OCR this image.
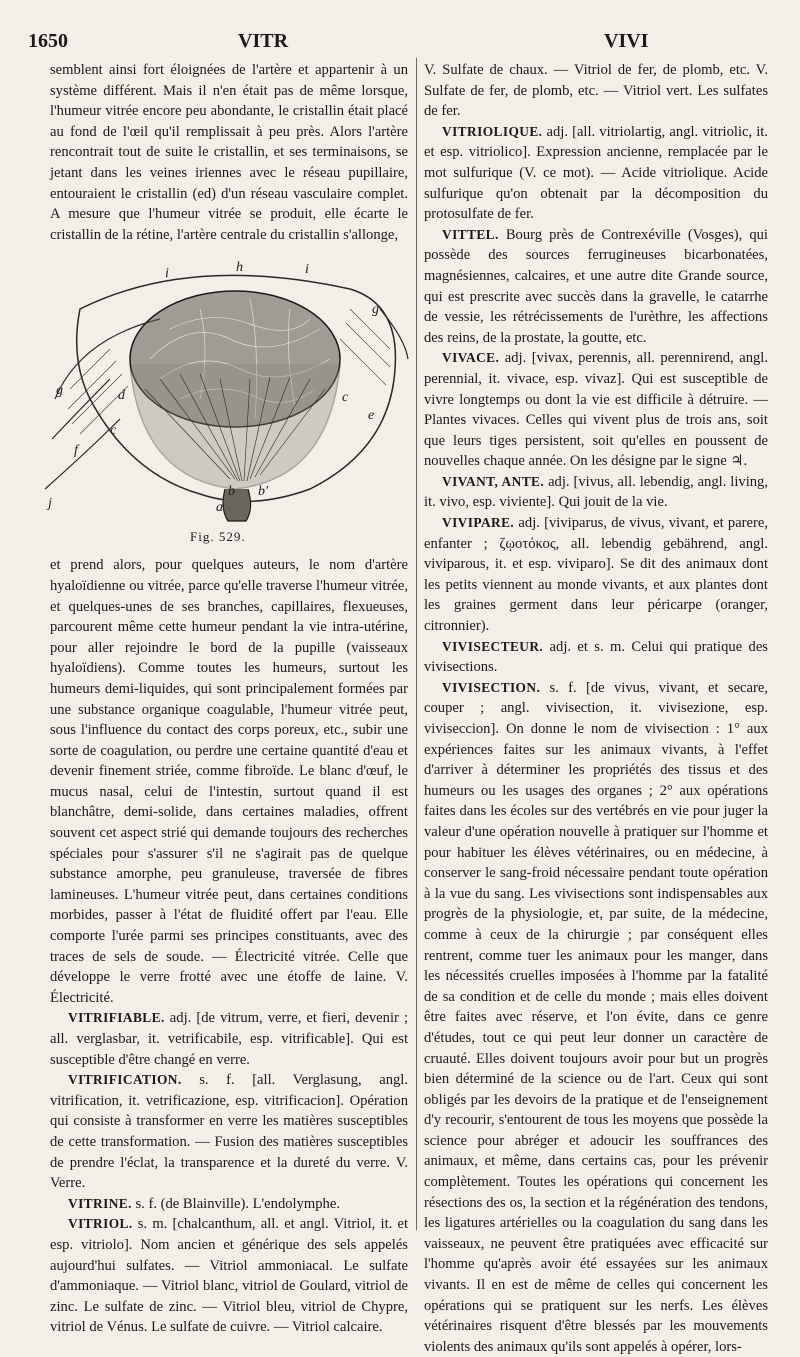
1650	VITR	VIVI

semblent ainsi fort éloignées de l'artère et appartenir à un système différent. Mais il n'en était pas de même lorsque, l'humeur vitrée encore peu abondante, le cristallin était placé au fond de l'œil qu'il remplissait à peu près. Alors l'artère rencontrait tout de suite le cristallin, et ses terminaisons, se jetant dans les veines iriennes avec le réseau pupillaire, entouraient le cristallin (ed) d'un réseau vasculaire complet. A mesure que l'humeur vitrée se produit, elle écarte le cristallin de la rétine, l'artère centrale du cristallin s'allonge,

h	i
i
g
g	d	c
c
e
f
j	a
b b'
Fig. 529.

et prend alors, pour quelques auteurs, le nom d'artère hyaloïdienne ou vitrée, parce qu'elle traverse l'humeur vitrée, et quelques-unes de ses branches, capillaires, flexueuses, parcourent même cette humeur pendant la vie intra-utérine, pour aller rejoindre le bord de la pupille (vaisseaux hyaloïdiens). Comme toutes les humeurs, surtout les humeurs demi-liquides, qui sont principalement formées par une substance organique coagulable, l'humeur vitrée peut, sous l'influence du contact des corps poreux, etc., subir une sorte de coagulation, ou perdre une certaine quantité d'eau et devenir finement striée, comme fibroïde. Le blanc d'œuf, le mucus nasal, celui de l'intestin, surtout quand il est blanchâtre, demi-solide, dans certaines maladies, offrent souvent cet aspect strié qui demande toujours des recherches spéciales pour s'assurer s'il ne s'agirait pas de quelque substance amorphe, peu granuleuse, traversée de fibres lamineuses. L'humeur vitrée peut, dans certaines conditions morbides, passer à l'état de fluidité offert par l'eau. Elle comporte l'urée parmi ses principes constituants, avec des traces de sels de soude. — Électricité vitrée. Celle que développe le verre frotté avec une étoffe de laine. V. Électricité.

VITRIFIABLE. adj. [de vitrum, verre, et fieri, devenir ; all. verglasbar, it. vetrificabile, esp. vitrificable]. Qui est susceptible d'être changé en verre.

VITRIFICATION. s. f. [all. Verglasung, angl. vitrification, it. vetrificazione, esp. vitrificacion]. Opération qui consiste à transformer en verre les matières susceptibles de cette transformation. — Fusion des matières susceptibles de prendre l'éclat, la transparence et la dureté du verre. V. Verre.

VITRINE. s. f. (de Blainville). L'endolymphe.

VITRIOL. s. m. [chalcanthum, all. et angl. Vitriol, it. et esp. vitriolo]. Nom ancien et générique des sels appelés aujourd'hui sulfates. — Vitriol ammoniacal. Le sulfate d'ammoniaque. — Vitriol blanc, vitriol de Goulard, vitriol de zinc. Le sulfate de zinc. — Vitriol bleu, vitriol de Chypre, vitriol de Vénus. Le sulfate de cuivre. — Vitriol calcaire.

V. Sulfate de chaux. — Vitriol de fer, de plomb, etc. V. Sulfate de fer, de plomb, etc. — Vitriol vert. Les sulfates de fer.

VITRIOLIQUE. adj. [all. vitriolartig, angl. vitriolic, it. et esp. vitriolico]. Expression ancienne, remplacée par le mot sulfurique (V. ce mot). — Acide vitriolique. Acide sulfurique qu'on obtenait par la décomposition du protosulfate de fer.

VITTEL. Bourg près de Contrexéville (Vosges), qui possède des sources ferrugineuses bicarbonatées, magnésiennes, calcaires, et une autre dite Grande source, qui est prescrite avec succès dans la gravelle, le catarrhe de vessie, les rétrécissements de l'urèthre, les affections des reins, de la prostate, la goutte, etc.

VIVACE. adj. [vivax, perennis, all. perennirend, angl. perennial, it. vivace, esp. vivaz]. Qui est susceptible de vivre longtemps ou dont la vie est difficile à détruire. — Plantes vivaces. Celles qui vivent plus de trois ans, soit que leurs tiges persistent, soit qu'elles en poussent de nouvelles chaque année. On les désigne par le signe ♃.

VIVANT, ANTE. adj. [vivus, all. lebendig, angl. living, it. vivo, esp. viviente]. Qui jouit de la vie.

VIVIPARE. adj. [viviparus, de vivus, vivant, et parere, enfanter ; ζῳοτόκος, all. lebendig gebährend, angl. viviparous, it. et esp. viviparo]. Se dit des animaux dont les petits viennent au monde vivants, et aux plantes dont les graines germent dans leur péricarpe (oranger, citronnier).

VIVISECTEUR. adj. et s. m. Celui qui pratique des vivisections.

VIVISECTION. s. f. [de vivus, vivant, et secare, couper ; angl. vivisection, it. vivisezione, esp. viviseccion]. On donne le nom de vivisection : 1° aux expériences faites sur les animaux vivants, à l'effet d'arriver à déterminer les propriétés des tissus et des humeurs ou les usages des organes ; 2° aux opérations faites dans les écoles sur des vertébrés en vie pour juger la valeur d'une opération nouvelle à pratiquer sur l'homme et pour habituer les élèves vétérinaires, ou en médecine, à conserver le sang-froid nécessaire pendant toute opération à la vue du sang. Les vivisections sont indispensables aux progrès de la physiologie, et, par suite, de la médecine, comme à ceux de la chirurgie ; par conséquent elles rentrent, comme tuer les animaux pour les manger, dans les nécessités cruelles imposées à l'homme par la fatalité de sa condition et de celle du monde ; mais elles doivent être faites avec réserve, et l'on évite, dans ce genre d'études, tout ce qui peut leur donner un caractère de cruauté. Elles doivent toujours avoir pour but un progrès bien déterminé de la science ou de l'art. Ceux qui sont obligés par les devoirs de la pratique et de l'enseignement d'y recourir, s'entourent de tous les moyens que possède la science pour abréger et adoucir les souffrances des animaux, et même, dans certains cas, pour les prévenir complètement. Toutes les opérations qui concernent les résections des os, la section et la régénération des tendons, les ligatures artérielles ou la coagulation du sang dans les vaisseaux, ne peuvent être pratiquées avec efficacité sur l'homme qu'après avoir été essayées sur les animaux vivants. Il en est de même de celles qui concernent les opérations qui se pratiquent sur les nerfs. Les élèves vétérinaires risquent d'être blessés par les mouvements violents des animaux qu'ils sont appelés à opérer, lors-
